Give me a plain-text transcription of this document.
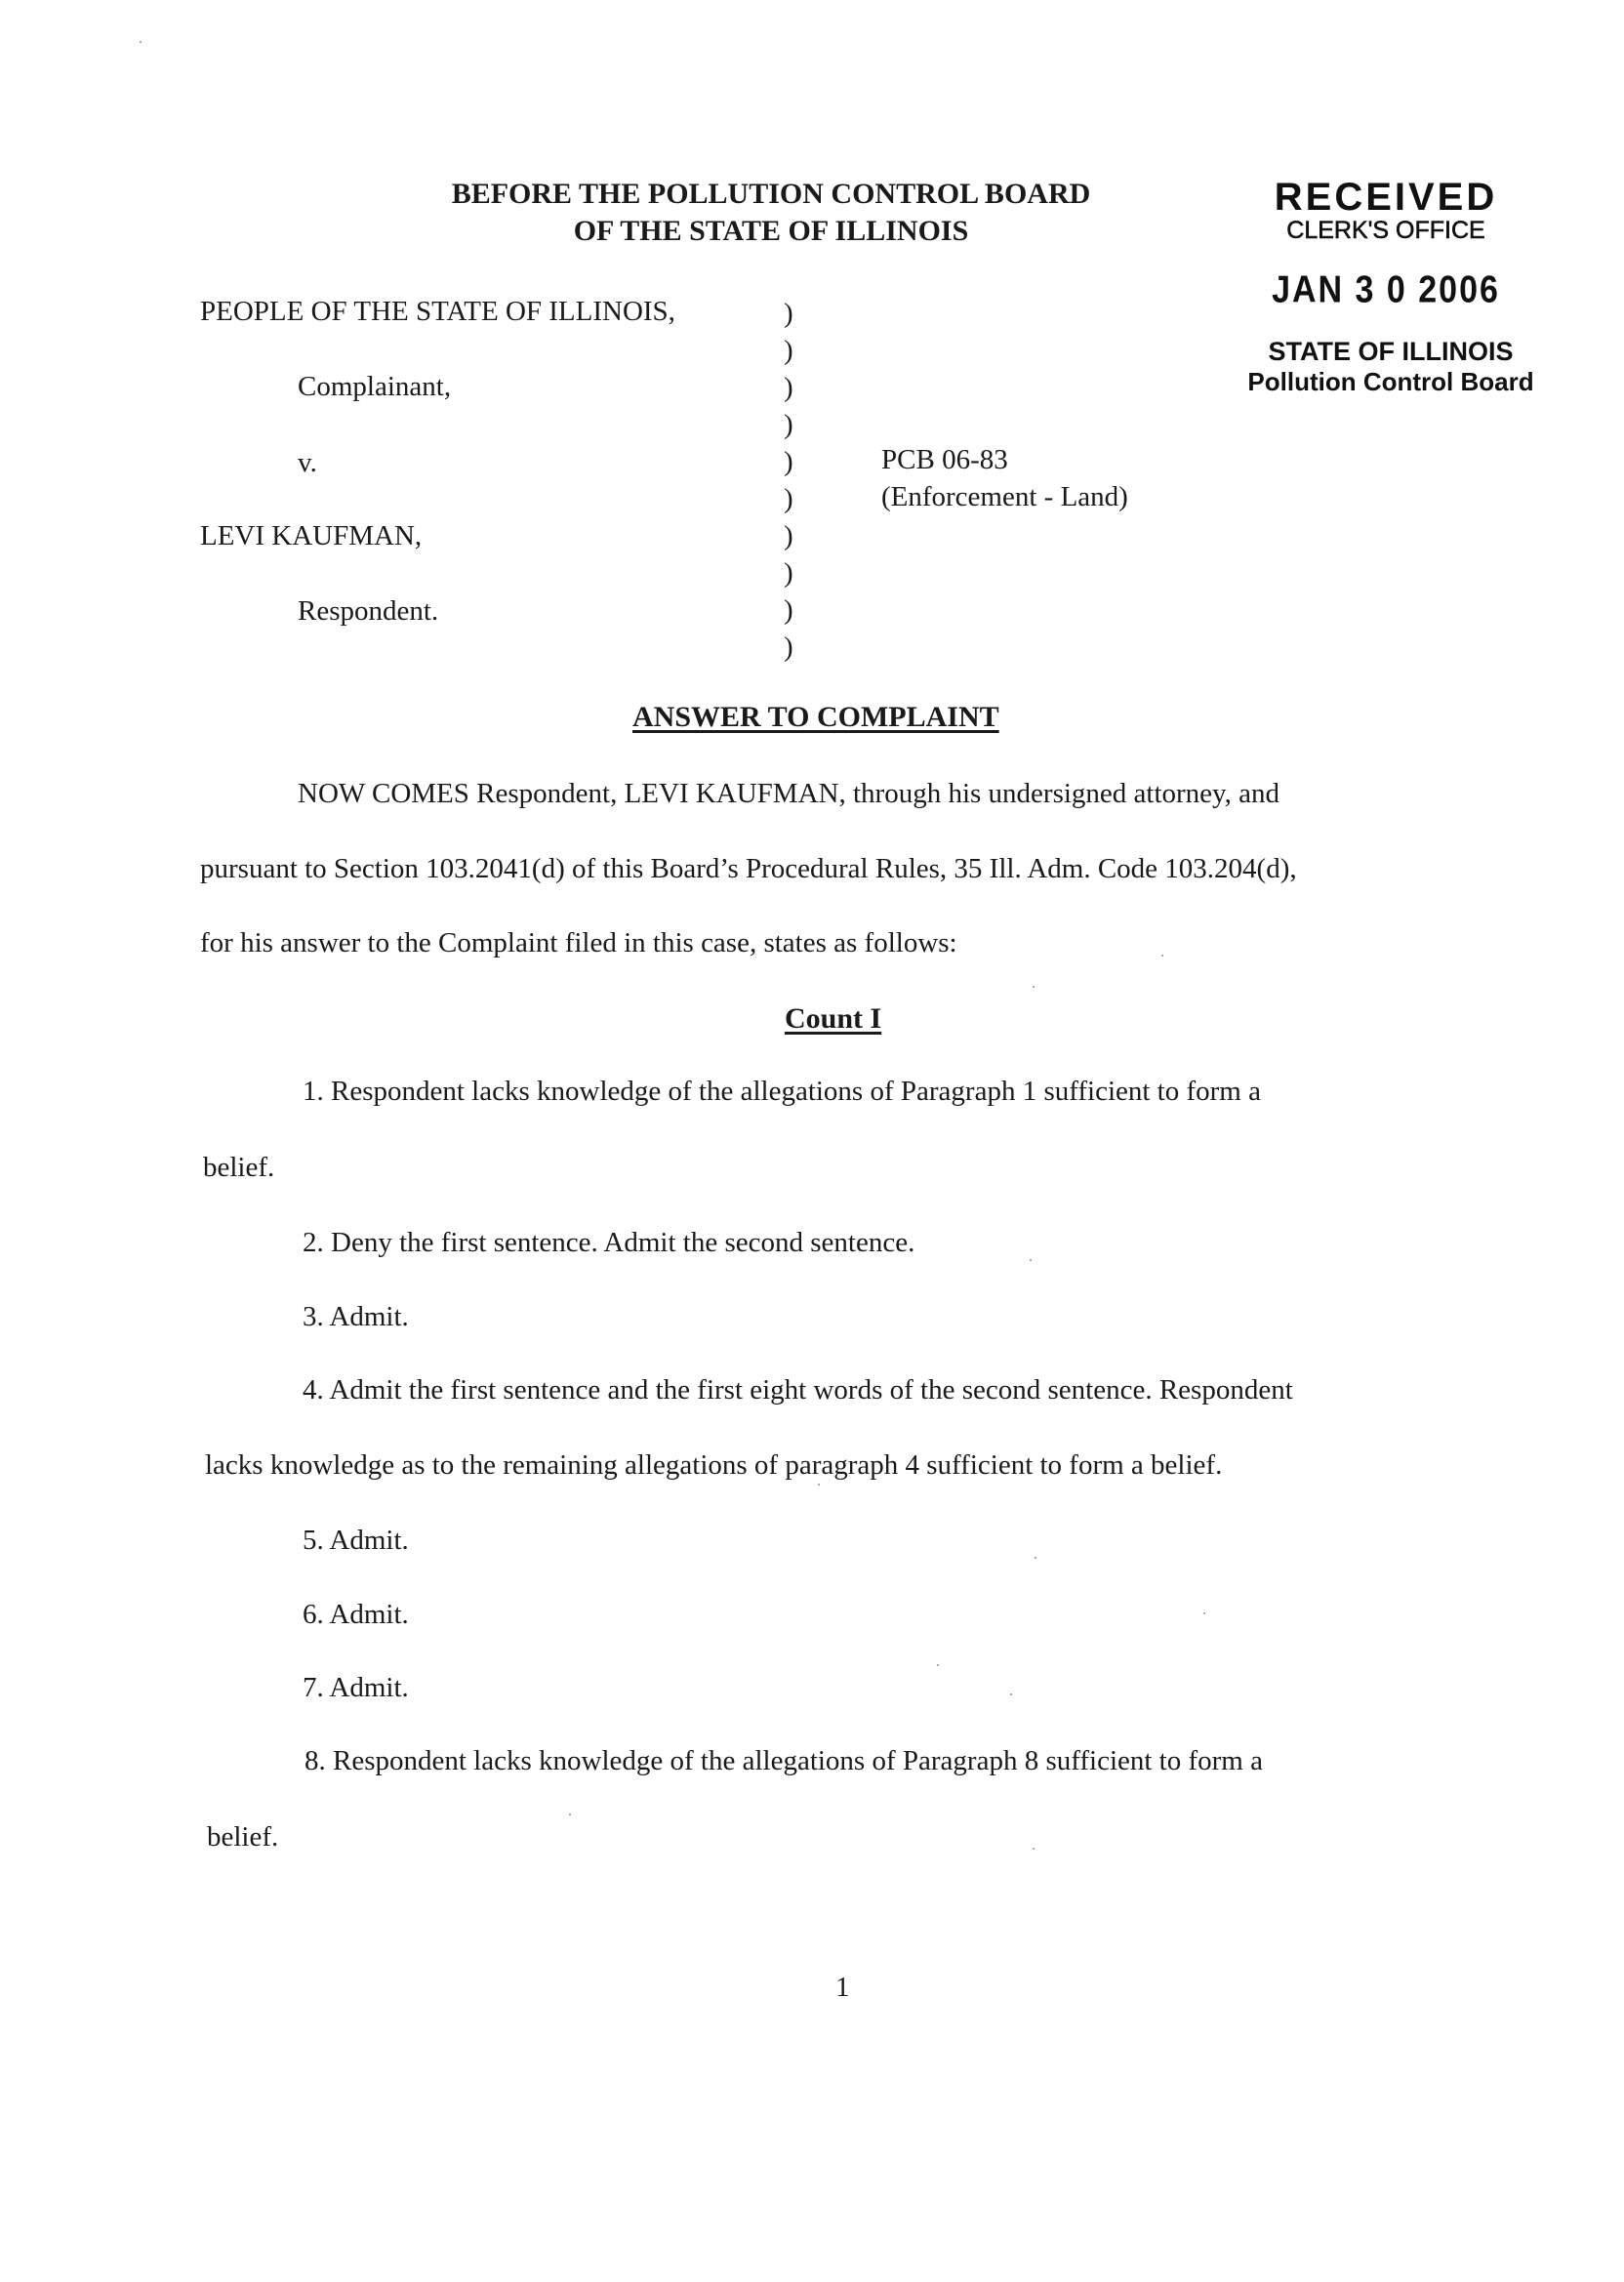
BEFORE THE POLLUTION CONTROL BOARD
OF THE STATE OF ILLINOIS
RECEIVED
CLERK'S OFFICE
JAN 3 0 2006
STATE OF ILLINOIS
Pollution Control Board
PEOPLE OF THE STATE OF ILLINOIS,
Complainant,
v.
LEVI KAUFMAN,
Respondent.
)
)
)
)
)
)
)
)
)
)
PCB 06-83
(Enforcement - Land)
ANSWER TO COMPLAINT
NOW COMES Respondent, LEVI KAUFMAN, through his undersigned attorney, and
pursuant to Section 103.2041(d) of this Board’s Procedural Rules, 35 Ill. Adm. Code 103.204(d),
for his answer to the Complaint filed in this case, states as follows:
Count I
1. Respondent lacks knowledge of the allegations of Paragraph 1 sufficient to form a
belief.
2. Deny the first sentence. Admit the second sentence.
3. Admit.
4. Admit the first sentence and the first eight words of the second sentence. Respondent
lacks knowledge as to the remaining allegations of paragraph 4 sufficient to form a belief.
5. Admit.
6. Admit.
7. Admit.
8. Respondent lacks knowledge of the allegations of Paragraph 8 sufficient to form a
belief.
1
